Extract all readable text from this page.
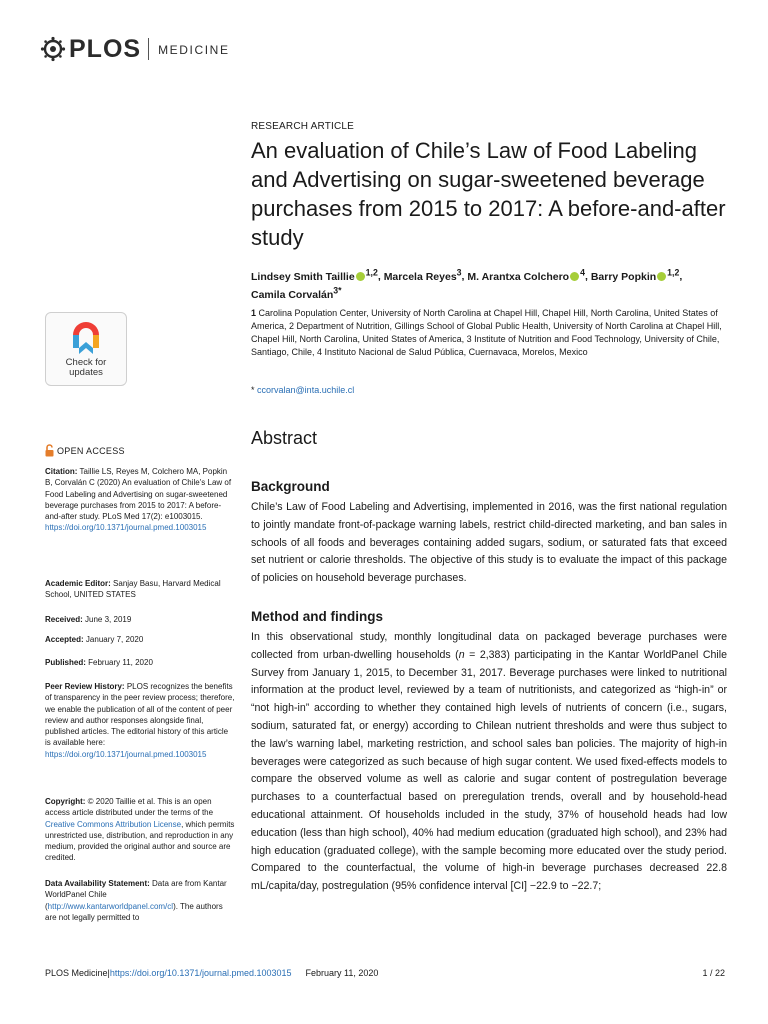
PLOS MEDICINE
Check for
updates
RESEARCH ARTICLE
An evaluation of Chile’s Law of Food Labeling and Advertising on sugar-sweetened beverage purchases from 2015 to 2017: A before-and-after study
Lindsey Smith Taillie $^{1,2}$, Marcela Reyes$^3$, M. Arantxa Colchero $^4$, Barry Popkin $^{1,2}$,
Camila Corvalán$^{3*}$
1 Carolina Population Center, University of North Carolina at Chapel Hill, Chapel Hill, North Carolina, United States of America, 2 Department of Nutrition, Gillings School of Global Public Health, University of North Carolina at Chapel Hill, Chapel Hill, North Carolina, United States of America, 3 Institute of Nutrition and Food Technology, University of Chile, Santiago, Chile, 4 Instituto Nacional de Salud Pública, Cuernavaca, Morelos, Mexico
* ccorvalan@inta.uchile.cl
OPEN ACCESS
Citation: Taillie LS, Reyes M, Colchero MA, Popkin B, Corvalán C (2020) An evaluation of Chile's Law of Food Labeling and Advertising on sugar-sweetened beverage purchases from 2015 to 2017: A before-and-after study. PLoS Med 17(2): e1003015. https://doi.org/10.1371/journal.pmed.1003015
Academic Editor: Sanjay Basu, Harvard Medical School, UNITED STATES
Received: June 3, 2019
Accepted: January 7, 2020
Published: February 11, 2020
Peer Review History: PLOS recognizes the benefits of transparency in the peer review process; therefore, we enable the publication of all of the content of peer review and author responses alongside final, published articles. The editorial history of this article is available here: https://doi.org/10.1371/journal.pmed.1003015
Copyright: © 2020 Taillie et al. This is an open access article distributed under the terms of the Creative Commons Attribution License, which permits unrestricted use, distribution, and reproduction in any medium, provided the original author and source are credited.
Data Availability Statement: Data are from Kantar WorldPanel Chile (http://www.kantarworldpanel.com/cl). The authors are not legally permitted to
Abstract
Background

Chile’s Law of Food Labeling and Advertising, implemented in 2016, was the first national regulation to jointly mandate front-of-package warning labels, restrict child-directed marketing, and ban sales in schools of all foods and beverages containing added sugars, sodium, or saturated fats that exceed set nutrient or calorie thresholds. The objective of this study is to evaluate the impact of this package of policies on household beverage purchases.

Method and findings

In this observational study, monthly longitudinal data on packaged beverage purchases were collected from urban-dwelling households (n = 2,383) participating in the Kantar WorldPanel Chile Survey from January 1, 2015, to December 31, 2017. Beverage purchases were linked to nutritional information at the product level, reviewed by a team of nutritionists, and categorized as “high-in” or “not high-in” according to whether they contained high levels of nutrients of concern (i.e., sugars, sodium, saturated fat, or energy) according to Chilean nutrient thresholds and were thus subject to the law’s warning label, marketing restriction, and school sales ban policies. The majority of high-in beverages were categorized as such because of high sugar content. We used fixed-effects models to compare the observed volume as well as calorie and sugar content of postregulation beverage purchases to a counterfactual based on preregulation trends, overall and by household-head educational attainment. Of households included in the study, 37% of household heads had low education (less than high school), 40% had medium education (graduated high school), and 23% had high education (graduated college), with the sample becoming more educated over the study period. Compared to the counterfactual, the volume of high-in beverage purchases decreased 22.8 mL/capita/day, postregulation (95% confidence interval [CI] −22.9 to −22.7;

PLOS Medicine | https://doi.org/10.1371/journal.pmed.1003015 February 11, 2020	1 / 22
